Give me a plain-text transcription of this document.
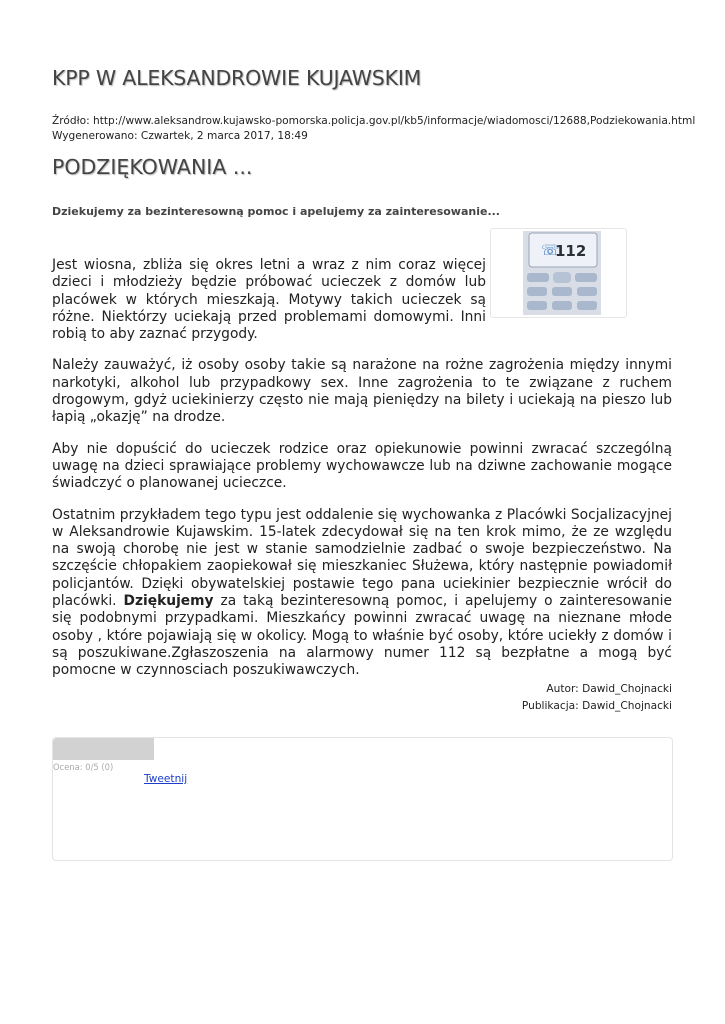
KPP W ALEKSANDROWIE KUJAWSKIM
Źródło: http://www.aleksandrow.kujawsko-pomorska.policja.gov.pl/kb5/informacje/wiadomosci/12688,Podziekowania.html
Wygenerowano: Czwartek, 2 marca 2017, 18:49
PODZIĘKOWANIA ...
Dziekujemy za bezinteresowną pomoc i apelujemy za zainteresowanie...
☏
112

Jest wiosna, zbliża się okres letni a wraz z nim coraz więcej dzieci i młodzieży będzie próbować ucieczek z domów lub placówek w których mieszkają. Motywy takich ucieczek są różne. Niektórzy uciekają przed problemami domowymi. Inni robią to aby zaznać przygody.

Należy zauważyć, iż osoby osoby takie są narażone na rożne zagrożenia między innymi narkotyki, alkohol lub przypadkowy sex. Inne zagrożenia to te związane z ruchem drogowym, gdyż uciekinierzy często nie mają pieniędzy na bilety i uciekają na pieszo lub łapią „okazję” na drodze.

Aby nie dopuścić do ucieczek rodzice oraz opiekunowie powinni zwracać szczególną uwagę na dzieci sprawiające problemy wychowawcze lub na dziwne zachowanie mogące świadczyć o planowanej ucieczce.

Ostatnim przykładem tego typu jest oddalenie się wychowanka z Placówki Socjalizacyjnej w Aleksandrowie Kujawskim. 15-latek zdecydował się na ten krok mimo, że ze względu na swoją chorobę nie jest w stanie samodzielnie zadbać o swoje bezpieczeństwo. Na szczęście chłopakiem zaopiekował się mieszkaniec Służewa, który następnie powiadomił policjantów. Dzięki obywatelskiej postawie tego pana uciekinier bezpiecznie wrócił do placówki. Dziękujemy za taką bezinteresowną pomoc, i apelujemy o zainteresowanie się podobnymi przypadkami. Mieszkańcy powinni zwracać uwagę na nieznane młode osoby , które pojawiają się w okolicy. Mogą to właśnie być osoby, które uciekły z domów i są poszukiwane.Zgłaszoszenia na alarmowy numer 112 są bezpłatne a mogą być pomocne w czynnosciach poszukiwawczych.

Autor: Dawid_Chojnacki
Publikacja: Dawid_Chojnacki
Ocena: 0/5 (0)
Tweetnij
